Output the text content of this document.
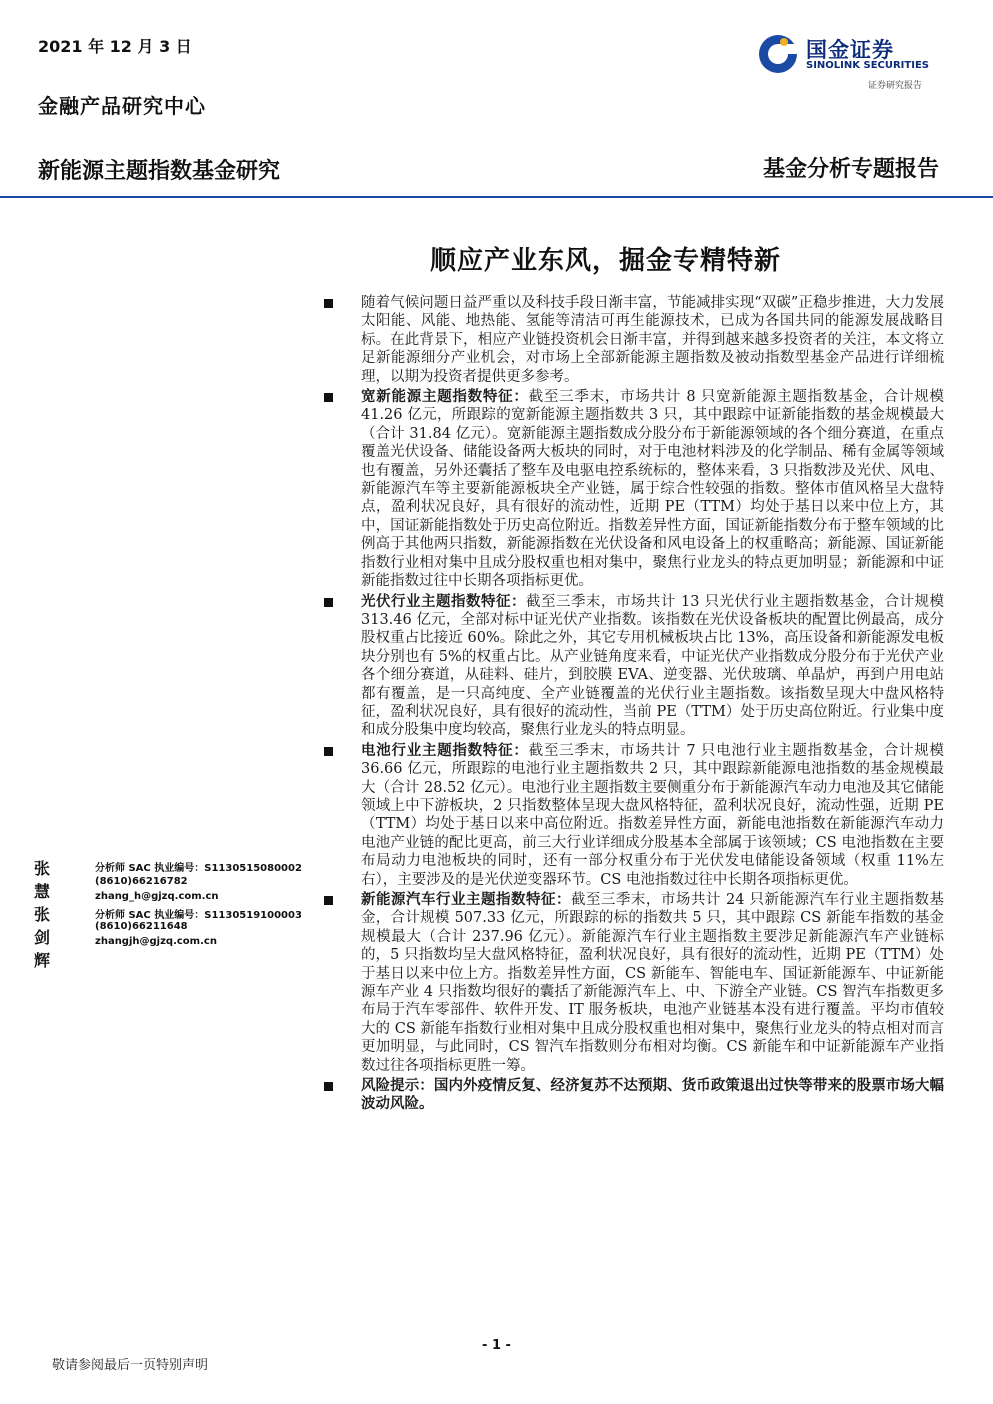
2021 年 12 月 3 日
金融产品研究中心
国金证券
SINOLINK SECURITIES
证券研究报告
新能源主题指数基金研究	基金分析专题报告
顺应产业东风，掘金专精特新
随着气候问题日益严重以及科技手段日渐丰富，节能减排实现“双碳”正稳步推进，大力发展太阳能、风能、地热能、氢能等清洁可再生能源技术，已成为各国共同的能源发展战略目标。在此背景下，相应产业链投资机会日渐丰富，并得到越来越多投资者的关注，本文将立足新能源细分产业机会，对市场上全部新能源主题指数及被动指数型基金产品进行详细梳理，以期为投资者提供更多参考。
宽新能源主题指数特征：截至三季末，市场共计 8 只宽新能源主题指数基金，合计规模 41.26 亿元，所跟踪的宽新能源主题指数共 3 只，其中跟踪中证新能指数的基金规模最大（合计 31.84 亿元）。宽新能源主题指数成分股分布于新能源领域的各个细分赛道，在重点覆盖光伏设备、储能设备两大板块的同时，对于电池材料涉及的化学制品、稀有金属等领域也有覆盖，另外还囊括了整车及电驱电控系统标的，整体来看，3 只指数涉及光伏、风电、新能源汽车等主要新能源板块全产业链，属于综合性较强的指数。整体市值风格呈大盘特点，盈利状况良好，具有很好的流动性，近期 PE（TTM）均处于基日以来中位上方，其中，国证新能指数处于历史高位附近。指数差异性方面，国证新能指数分布于整车领域的比例高于其他两只指数，新能源指数在光伏设备和风电设备上的权重略高；新能源、国证新能指数行业相对集中且成分股权重也相对集中，聚焦行业龙头的特点更加明显；新能源和中证新能指数过往中长期各项指标更优。
光伏行业主题指数特征：截至三季末，市场共计 13 只光伏行业主题指数基金，合计规模 313.46 亿元，全部对标中证光伏产业指数。该指数在光伏设备板块的配置比例最高，成分股权重占比接近 60%。除此之外，其它专用机械板块占比 13%，高压设备和新能源发电板块分别也有 5%的权重占比。从产业链角度来看，中证光伏产业指数成分股分布于光伏产业各个细分赛道，从硅料、硅片，到胶膜 EVA、逆变器、光伏玻璃、单晶炉，再到户用电站都有覆盖，是一只高纯度、全产业链覆盖的光伏行业主题指数。该指数呈现大中盘风格特征，盈利状况良好，具有很好的流动性，当前 PE（TTM）处于历史高位附近。行业集中度和成分股集中度均较高，聚焦行业龙头的特点明显。
电池行业主题指数特征：截至三季末，市场共计 7 只电池行业主题指数基金，合计规模 36.66 亿元，所跟踪的电池行业主题指数共 2 只，其中跟踪新能源电池指数的基金规模最大（合计 28.52 亿元）。电池行业主题指数主要侧重分布于新能源汽车动力电池及其它储能领域上中下游板块，2 只指数整体呈现大盘风格特征，盈利状况良好，流动性强，近期 PE（TTM）均处于基日以来中高位附近。指数差异性方面，新能电池指数在新能源汽车动力电池产业链的配比更高，前三大行业详细成分股基本全部属于该领域；CS 电池指数在主要布局动力电池板块的同时，还有一部分权重分布于光伏发电储能设备领域（权重 11%左右），主要涉及的是光伏逆变器环节。CS 电池指数过往中长期各项指标更优。
新能源汽车行业主题指数特征：截至三季末，市场共计 24 只新能源汽车行业主题指数基金，合计规模 507.33 亿元，所跟踪的标的指数共 5 只，其中跟踪 CS 新能车指数的基金规模最大（合计 237.96 亿元）。新能源汽车行业主题指数主要涉足新能源汽车产业链标的，5 只指数均呈大盘风格特征，盈利状况良好，具有很好的流动性，近期 PE（TTM）处于基日以来中位上方。指数差异性方面，CS 新能车、智能电车、国证新能源车、中证新能源车产业 4 只指数均很好的囊括了新能源汽车上、中、下游全产业链。CS 智汽车指数更多布局于汽车零部件、软件开发、IT 服务板块，电池产业链基本没有进行覆盖。平均市值较大的 CS 新能车指数行业相对集中且成分股权重也相对集中，聚焦行业龙头的特点相对而言更加明显，与此同时，CS 智汽车指数则分布相对均衡。CS 新能车和中证新能源车产业指数过往各项指标更胜一筹。
风险提示：国内外疫情反复、经济复苏不达预期、货币政策退出过快等带来的股票市场大幅波动风险。
张慧
分析师 SAC 执业编号：S1130515080002
(8610)66216782
zhang_h@gjzq.com.cn
张剑辉
分析师 SAC 执业编号：S1130519100003
(8610)66211648
zhangjh@gjzq.com.cn
- 1 -
敬请参阅最后一页特别声明
